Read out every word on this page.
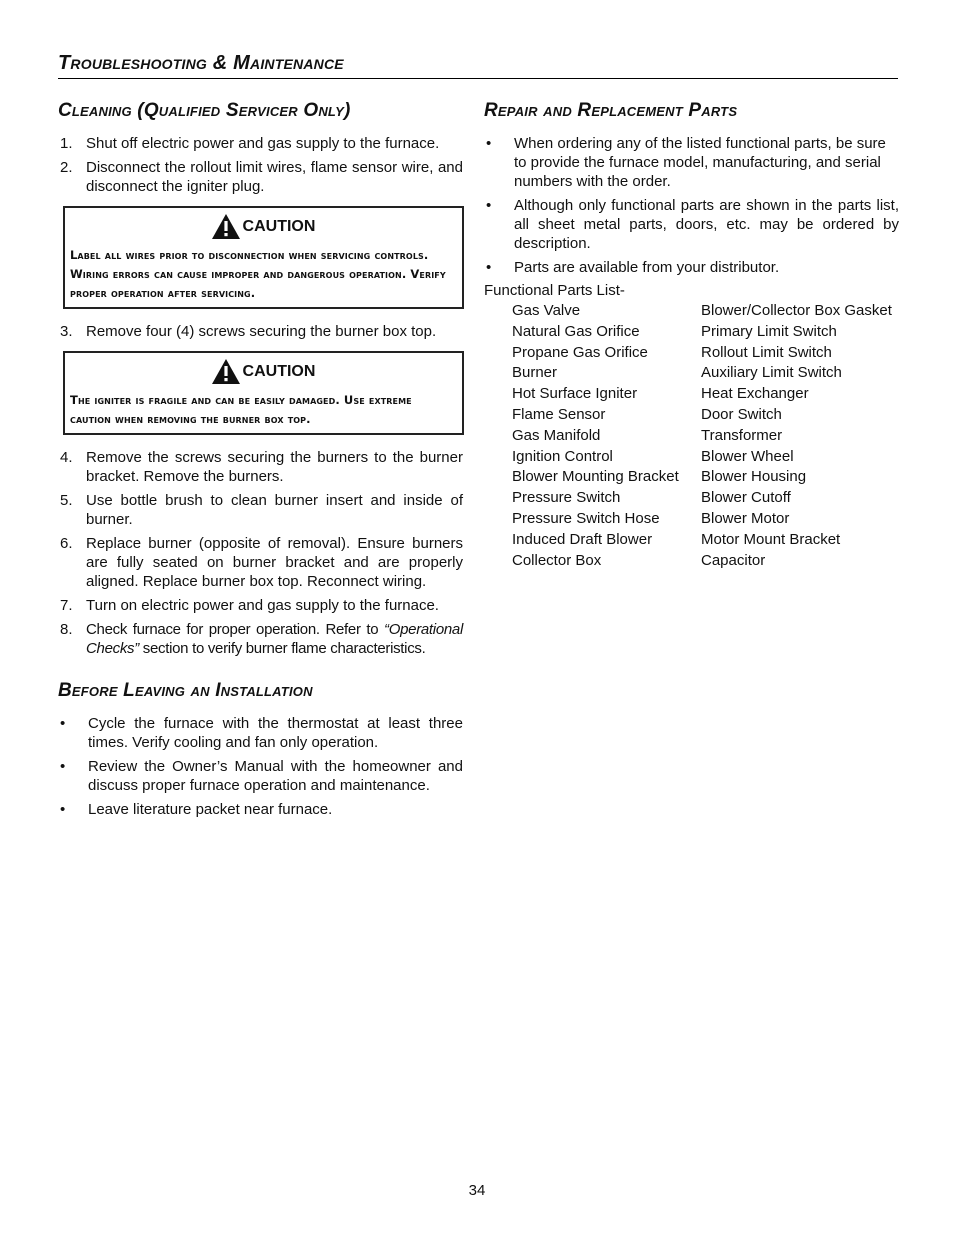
Troubleshooting & Maintenance
Cleaning (Qualified Servicer Only)
1. Shut off electric power and gas supply to the furnace.
2. Disconnect the rollout limit wires, flame sensor wire, and disconnect the igniter plug.
CAUTION
Label all wires prior to disconnection when servicing controls. Wiring errors can cause improper and dangerous operation. Verify proper operation after servicing.
3. Remove four (4) screws securing the burner box top.
CAUTION
The igniter is fragile and can be easily damaged. Use extreme caution when removing the burner box top.
4. Remove the screws securing the burners to the burner bracket. Remove the burners.
5. Use bottle brush to clean burner insert and inside of burner.
6. Replace burner (opposite of removal). Ensure burners are fully seated on burner bracket and are properly aligned. Replace burner box top. Reconnect wiring.
7. Turn on electric power and gas supply to the furnace.
8. Check furnace for proper operation. Refer to “Operational Checks” section to verify burner flame characteristics.
Before Leaving an Installation
•	Cycle the furnace with the thermostat at least three times. Verify cooling and fan only operation.
•	Review the Owner’s Manual with the homeowner and discuss proper furnace operation and maintenance.
•	Leave literature packet near furnace.
Repair and Replacement Parts
•	When ordering any of the listed functional parts, be sure to provide the furnace model, manufacturing, and serial numbers with the order.
•	Although only functional parts are shown in the parts list, all sheet metal parts, doors, etc. may be ordered by description.
•	Parts are available from your distributor.
Functional Parts List-
Gas Valve	Blower/Collector Box Gasket
Natural Gas Orifice	Primary Limit Switch
Propane Gas Orifice	Rollout Limit Switch
Burner	Auxiliary Limit Switch
Hot Surface Igniter	Heat Exchanger
Flame Sensor	Door Switch
Gas Manifold	Transformer
Ignition Control	Blower Wheel
Blower Mounting Bracket	Blower Housing
Pressure Switch	Blower Cutoff
Pressure Switch Hose	Blower Motor
Induced Draft Blower	Motor Mount Bracket
Collector Box	Capacitor
34
